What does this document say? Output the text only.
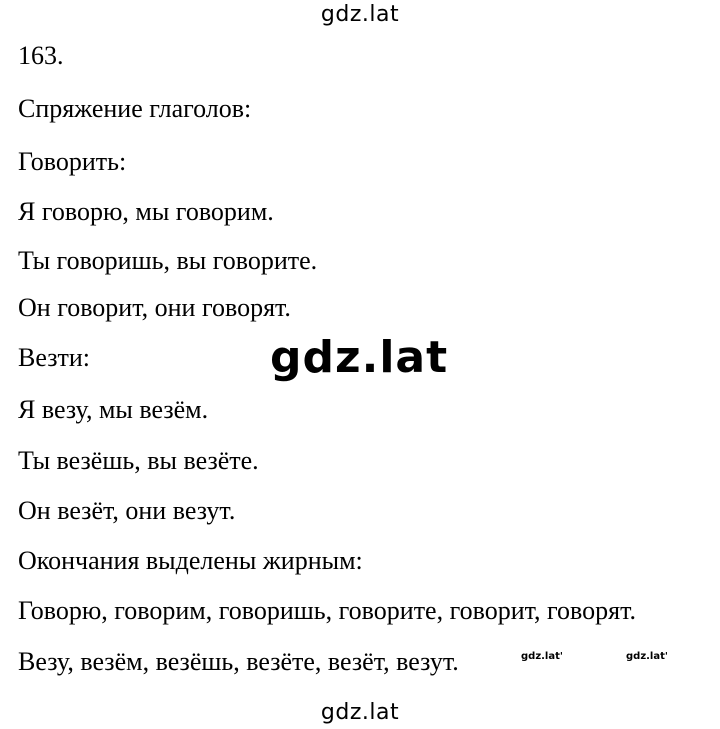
gdz.lat
163.
Спряжение глаголов:
Говорить:
Я говорю, мы говорим.
Ты говоришь, вы говорите.
Он говорит, они говорят.
Везти:
Я везу, мы везём.
Ты везёшь, вы везёте.
Он везёт, они везут.
Окончания выделены жирным:
Говорю, говорим, говоришь, говорите, говорит, говорят.
Везу, везём, везёшь, везёте, везёт, везут.
gdz.lat
gdz.lat'	gdz.lat'
gdz.lat
